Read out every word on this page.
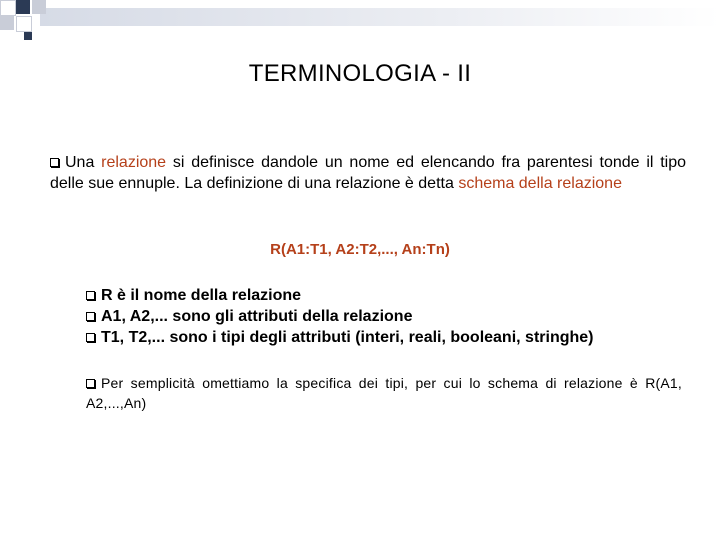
TERMINOLOGIA - II
Una relazione si definisce dandole un nome ed elencando fra parentesi tonde il tipo delle sue ennuple. La definizione di una relazione è detta schema della relazione
R(A1:T1, A2:T2,..., An:Tn)
R è il nome della relazione
A1, A2,... sono gli attributi della relazione
T1, T2,... sono i tipi degli attributi (interi, reali, booleani, stringhe)
Per semplicità omettiamo la specifica dei tipi, per cui lo schema di relazione è R(A1, A2,...,An)
